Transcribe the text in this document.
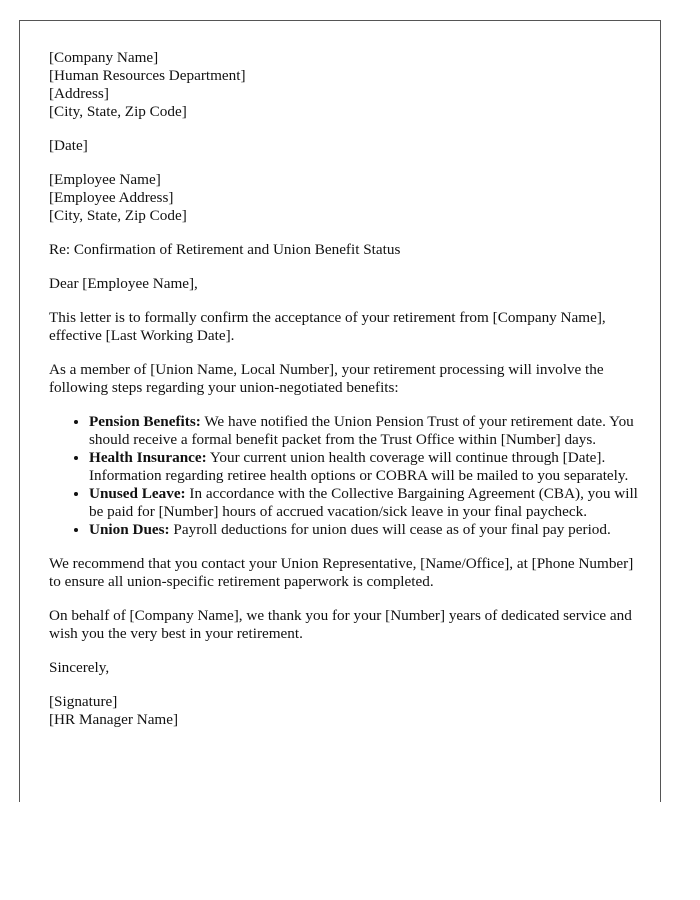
[Company Name]
[Human Resources Department]
[Address]
[City, State, Zip Code]

[Date]

[Employee Name]
[Employee Address]
[City, State, Zip Code]

Re: Confirmation of Retirement and Union Benefit Status

Dear [Employee Name],

This letter is to formally confirm the acceptance of your retirement from [Company Name], effective [Last Working Date].

As a member of [Union Name, Local Number], your retirement processing will involve the following steps regarding your union-negotiated benefits:

• Pension Benefits: We have notified the Union Pension Trust of your retirement date. You should receive a formal benefit packet from the Trust Office within [Number] days.
• Health Insurance: Your current union health coverage will continue through [Date]. Information regarding retiree health options or COBRA will be mailed to you separately.
• Unused Leave: In accordance with the Collective Bargaining Agreement (CBA), you will be paid for [Number] hours of accrued vacation/sick leave in your final paycheck.
• Union Dues: Payroll deductions for union dues will cease as of your final pay period.

We recommend that you contact your Union Representative, [Name/Office], at [Phone Number] to ensure all union-specific retirement paperwork is completed.

On behalf of [Company Name], we thank you for your [Number] years of dedicated service and wish you the very best in your retirement.

Sincerely,

[Signature]
[HR Manager Name]
